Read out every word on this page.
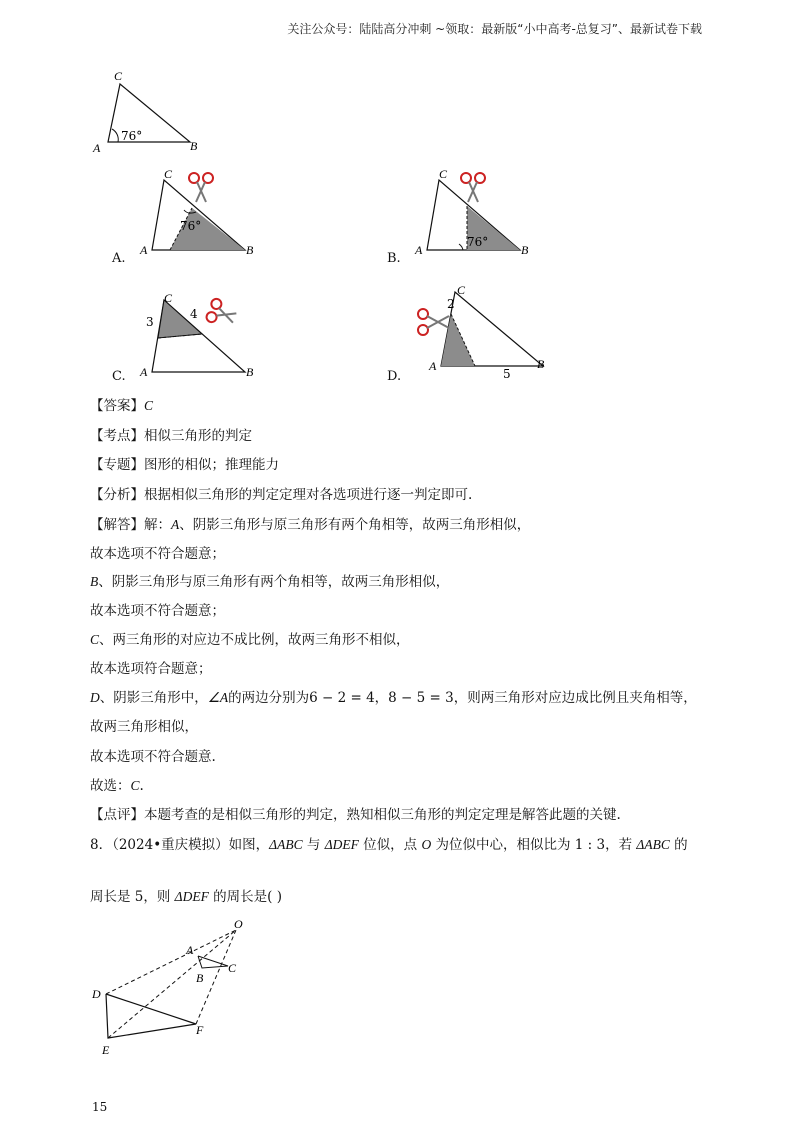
关注公众号：陆陆高分冲刺 ~领取：最新版“小中高考-总复习”、最新试卷下载
C
A	B
76°
A.
C
A	B
76°
B.
C
A	B
76°
C.
C
A	B
3
4
D.
C
A	B
2
5
【答案】C
【考点】相似三角形的判定
【专题】图形的相似；推理能力
【分析】根据相似三角形的判定定理对各选项进行逐一判定即可.
【解答】解：A、阴影三角形与原三角形有两个角相等，故两三角形相似，
故本选项不符合题意；
B、阴影三角形与原三角形有两个角相等，故两三角形相似，
故本选项不符合题意；
C、两三角形的对应边不成比例，故两三角形不相似，
故本选项符合题意；
D、阴影三角形中，∠A的两边分别为6 − 2 = 4，8 − 5 = 3，则两三角形对应边成比例且夹角相等，
故两三角形相似，
故本选项不符合题意.
故选：C.
【点评】本题考查的是相似三角形的判定，熟知相似三角形的判定定理是解答此题的关键.
8．（2024•重庆模拟）如图，ΔABC 与 ΔDEF 位似，点 O 为位似中心，相似比为 1 : 3，若 ΔABC 的
周长是 5，则 ΔDEF 的周长是( )
O
A
B
C
D
E
F
15
